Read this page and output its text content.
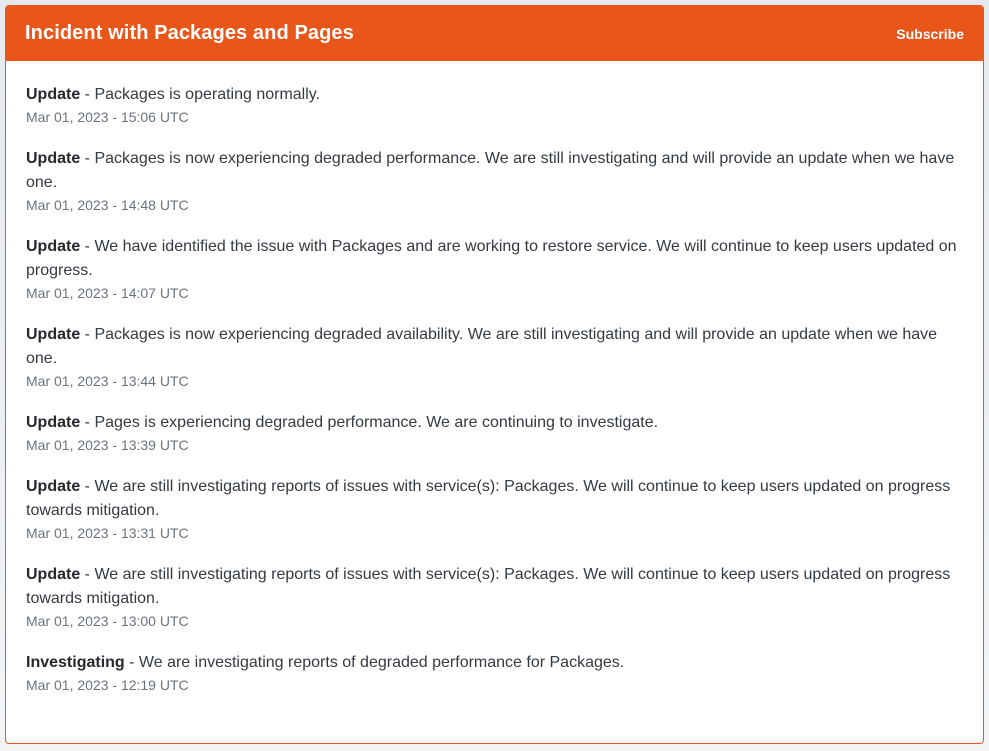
Incident with Packages and Pages	Subscribe
Update - Packages is operating normally.
Mar 01, 2023 - 15:06 UTC
Update - Packages is now experiencing degraded performance. We are still investigating and will provide an update when we have one.
Mar 01, 2023 - 14:48 UTC
Update - We have identified the issue with Packages and are working to restore service. We will continue to keep users updated on progress.
Mar 01, 2023 - 14:07 UTC
Update - Packages is now experiencing degraded availability. We are still investigating and will provide an update when we have one.
Mar 01, 2023 - 13:44 UTC
Update - Pages is experiencing degraded performance. We are continuing to investigate.
Mar 01, 2023 - 13:39 UTC
Update - We are still investigating reports of issues with service(s): Packages. We will continue to keep users updated on progress towards mitigation.
Mar 01, 2023 - 13:31 UTC
Update - We are still investigating reports of issues with service(s): Packages. We will continue to keep users updated on progress towards mitigation.
Mar 01, 2023 - 13:00 UTC
Investigating - We are investigating reports of degraded performance for Packages.
Mar 01, 2023 - 12:19 UTC
